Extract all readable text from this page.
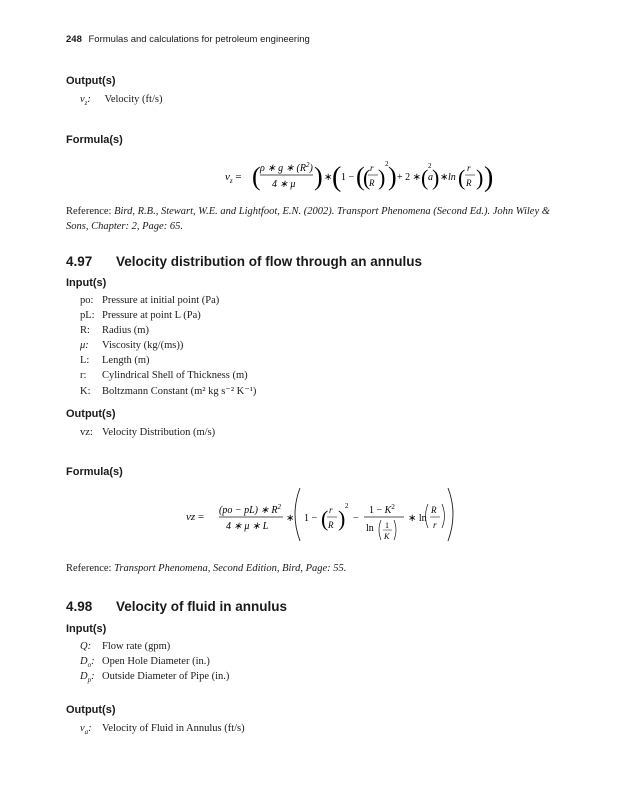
248 Formulas and calculations for petroleum engineering
Output(s)
$v_z$: Velocity (ft/s)
Formula(s)
$v_z$ = ( ρ ∗ g ∗ $(R^2)$
4 ∗ μ ) ∗ ( 1 − (
( r
R )
2 ) + 2 ∗ ( a
2 ) ∗ ln ( r
R ) )
Reference: Bird, R.B., Stewart, W.E. and Lightfoot, E.N. (2002). Transport Phenomena (Second Ed.). John Wiley & Sons, Chapter: 2, Page: 65.
4.97 Velocity distribution of flow through an annulus
Input(s)
po: Pressure at initial point (Pa)
pL: Pressure at point L (Pa)
R: Radius (m)
μ: Viscosity (kg/(ms))
L: Length (m)
r: Cylindrical Shell of Thickness (m)
K: Boltzmann Constant (m² kg s⁻² K⁻¹)
Output(s)
vz: Velocity Distribution (m/s)
Formula(s)
vz =
(po − pL) ∗ $R^2$
4 ∗ μ ∗ L
∗ 1 − ( r
R ) 2
−
$1 - K^2$
ln 1
K
∗ ln
R
r
Reference: Transport Phenomena, Second Edition, Bird, Page: 55.
4.98 Velocity of fluid in annulus
Input(s)
Q: Flow rate (gpm)
$D_o$: Open Hole Diameter (in.)
$D_p$: Outside Diameter of Pipe (in.)
Output(s)
$v_a$: Velocity of Fluid in Annulus (ft/s)
